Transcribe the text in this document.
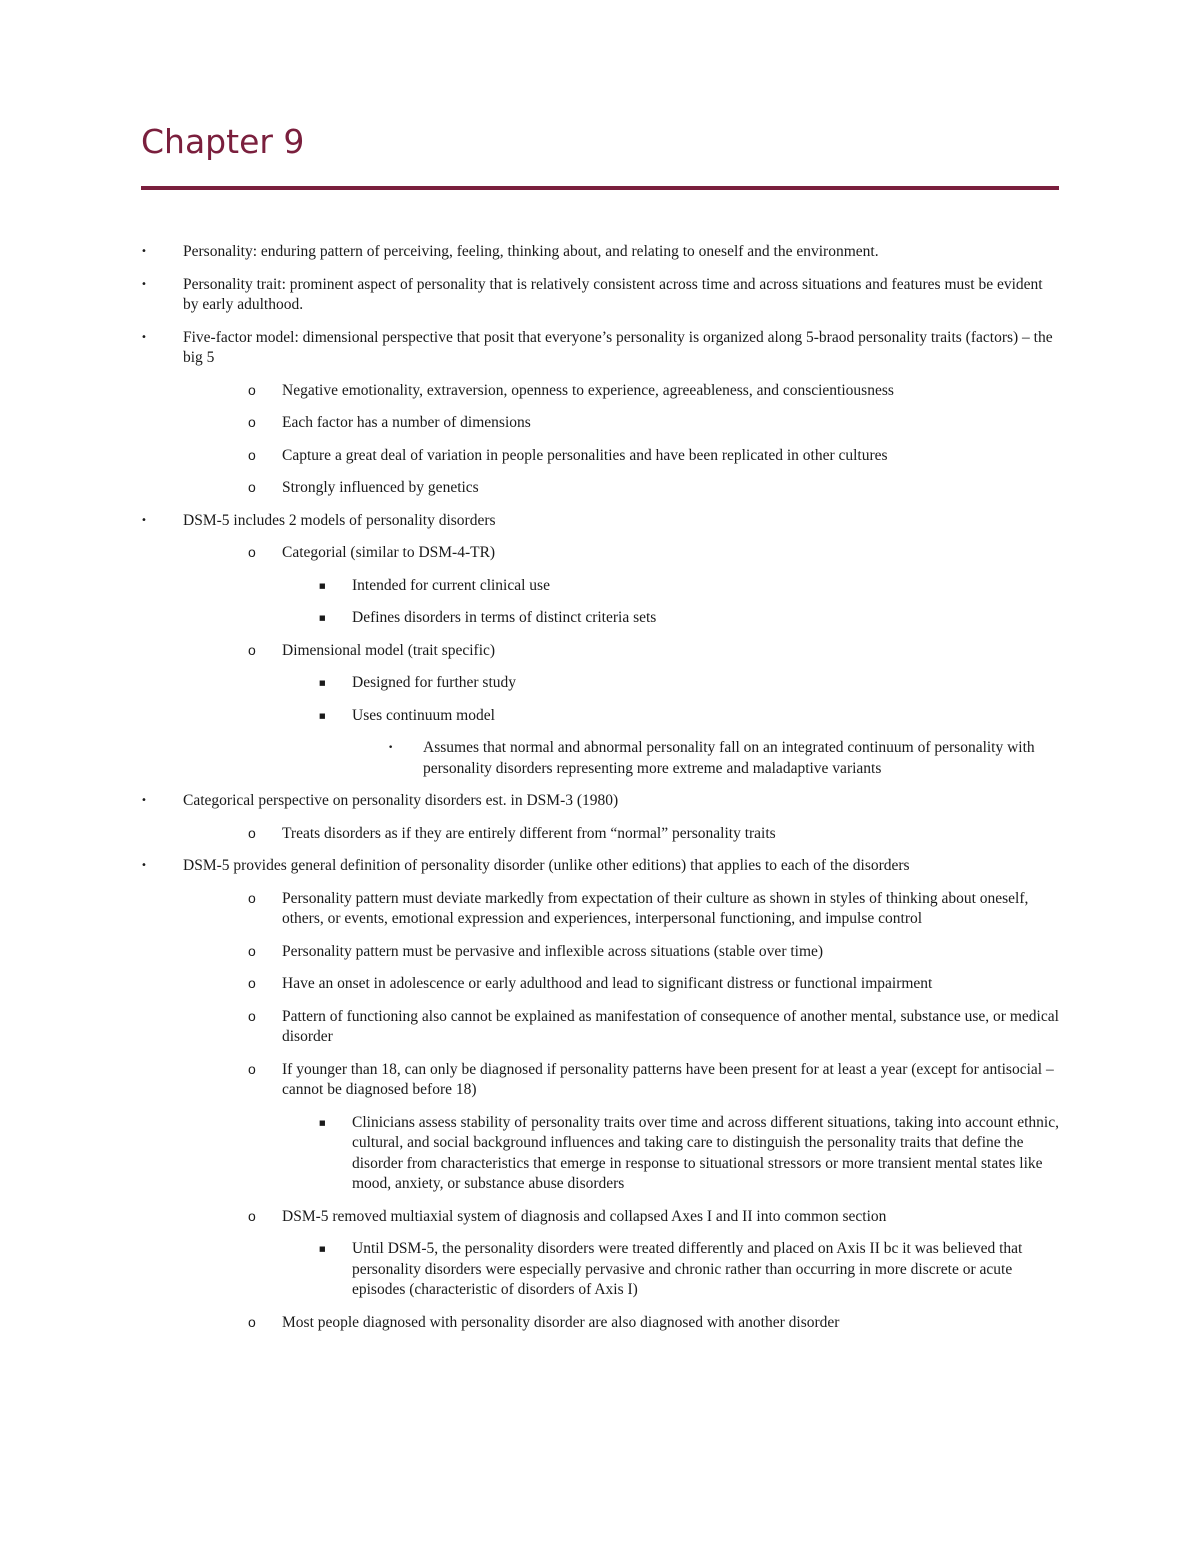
Chapter 9
• Personality: enduring pattern of perceiving, feeling, thinking about, and relating to oneself and the environment.
• Personality trait: prominent aspect of personality that is relatively consistent across time and across situations and features must be evident by early adulthood.
• Five-factor model: dimensional perspective that posit that everyone’s personality is organized along 5-braod personality traits (factors) – the big 5
o Negative emotionality, extraversion, openness to experience, agreeableness, and conscientiousness
o Each factor has a number of dimensions
o Capture a great deal of variation in people personalities and have been replicated in other cultures
o Strongly influenced by genetics
• DSM-5 includes 2 models of personality disorders
o Categorial (similar to DSM-4-TR)
■ Intended for current clinical use
■ Defines disorders in terms of distinct criteria sets
o Dimensional model (trait specific)
■ Designed for further study
■ Uses continuum model
• Assumes that normal and abnormal personality fall on an integrated continuum of personality with personality disorders representing more extreme and maladaptive variants
• Categorical perspective on personality disorders est. in DSM-3 (1980)
o Treats disorders as if they are entirely different from “normal” personality traits
• DSM-5 provides general definition of personality disorder (unlike other editions) that applies to each of the disorders
o Personality pattern must deviate markedly from expectation of their culture as shown in styles of thinking about oneself, others, or events, emotional expression and experiences, interpersonal functioning, and impulse control
o Personality pattern must be pervasive and inflexible across situations (stable over time)
o Have an onset in adolescence or early adulthood and lead to significant distress or functional impairment
o Pattern of functioning also cannot be explained as manifestation of consequence of another mental, substance use, or medical disorder
o If younger than 18, can only be diagnosed if personality patterns have been present for at least a year (except for antisocial – cannot be diagnosed before 18)
■ Clinicians assess stability of personality traits over time and across different situations, taking into account ethnic, cultural, and social background influences and taking care to distinguish the personality traits that define the disorder from characteristics that emerge in response to situational stressors or more transient mental states like mood, anxiety, or substance abuse disorders
o DSM-5 removed multiaxial system of diagnosis and collapsed Axes I and II into common section
■ Until DSM-5, the personality disorders were treated differently and placed on Axis II bc it was believed that personality disorders were especially pervasive and chronic rather than occurring in more discrete or acute episodes (characteristic of disorders of Axis I)
o Most people diagnosed with personality disorder are also diagnosed with another disorder
